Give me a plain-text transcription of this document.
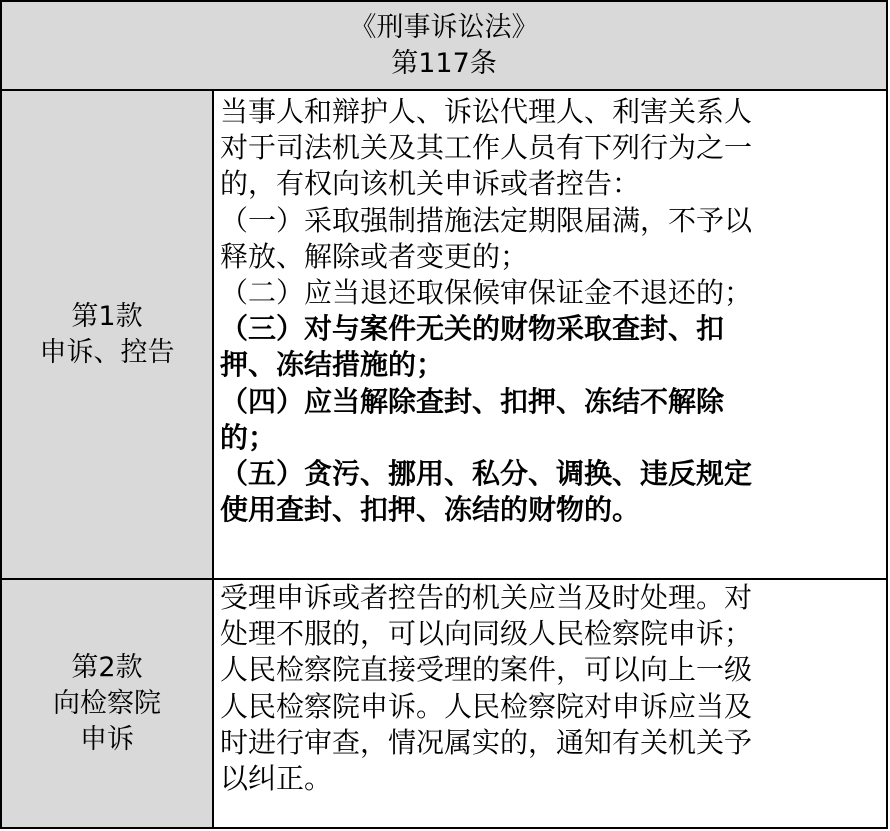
《刑事诉讼法》
第117条
第1款
申诉、控告
当事人和辩护人、诉讼代理人、利害关系人
对于司法机关及其工作人员有下列行为之一
的，有权向该机关申诉或者控告：
（一）采取强制措施法定期限届满，不予以
释放、解除或者变更的；
（二）应当退还取保候审保证金不退还的；
（三）对与案件无关的财物采取查封、扣
押、冻结措施的；
（四）应当解除查封、扣押、冻结不解除
的；
（五）贪污、挪用、私分、调换、违反规定
使用查封、扣押、冻结的财物的。
第2款
向检察院
申诉
受理申诉或者控告的机关应当及时处理。对
处理不服的，可以向同级人民检察院申诉；
人民检察院直接受理的案件，可以向上一级
人民检察院申诉。人民检察院对申诉应当及
时进行审查，情况属实的，通知有关机关予
以纠正。
